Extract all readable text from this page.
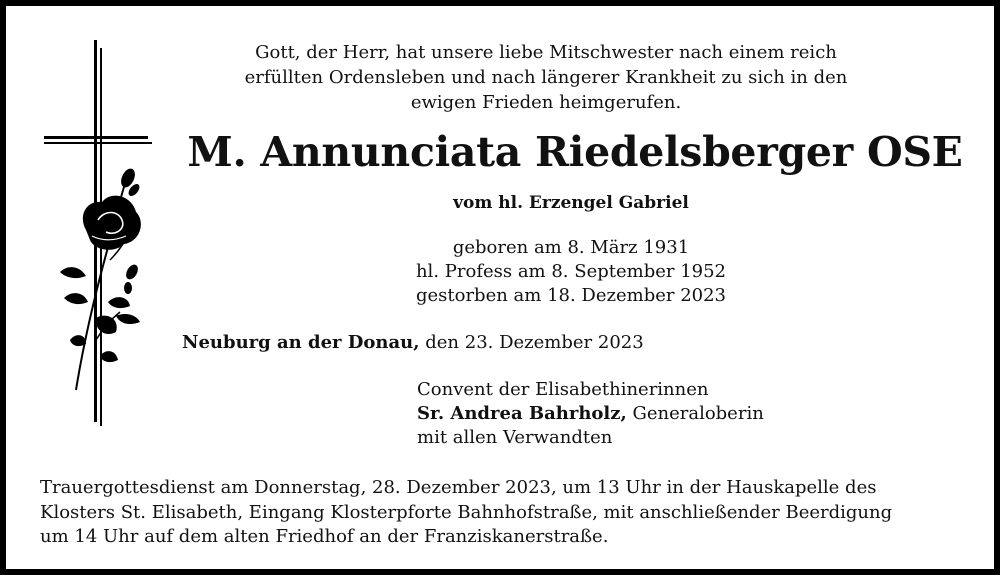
Gott, der Herr, hat unsere liebe Mitschwester nach einem reich
erfüllten Ordensleben und nach längerer Krankheit zu sich in den
ewigen Frieden heimgerufen.
M. Annunciata Riedelsberger OSE
vom hl. Erzengel Gabriel
geboren am 8. März 1931
hl. Profess am 8. September 1952
gestorben am 18. Dezember 2023
Neuburg an der Donau, den 23. Dezember 2023
Convent der Elisabethinerinnen
Sr. Andrea Bahrholz, Generaloberin
mit allen Verwandten
Trauergottesdienst am Donnerstag, 28. Dezember 2023, um 13 Uhr in der Hauskapelle des
Klosters St. Elisabeth, Eingang Klosterpforte Bahnhofstraße, mit anschließender Beerdigung
um 14 Uhr auf dem alten Friedhof an der Franziskanerstraße.
